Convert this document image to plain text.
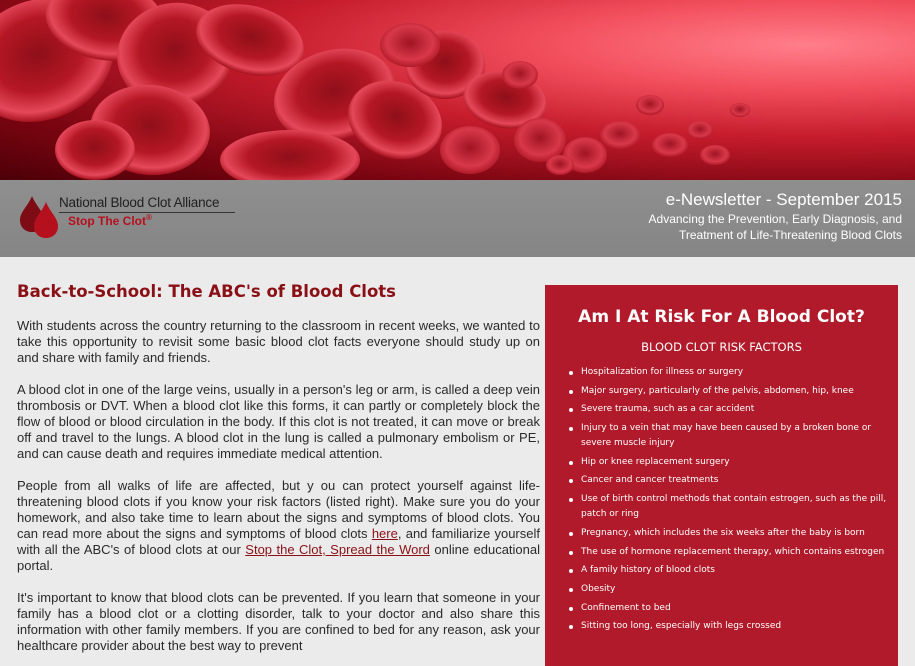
National Blood Clot Alliance
Stop The Clot®
e-Newsletter - September 2015
Advancing the Prevention, Early Diagnosis, and
Treatment of Life-Threatening Blood Clots
Back-to-School: The ABC's of Blood Clots

With students across the country returning to the classroom in recent weeks, we wanted to take this opportunity to revisit some basic blood clot facts everyone should study up on and share with family and friends.

A blood clot in one of the large veins, usually in a person's leg or arm, is called a deep vein thrombosis or DVT. When a blood clot like this forms, it can partly or completely block the flow of blood or blood circulation in the body. If this clot is not treated, it can move or break off and travel to the lungs. A blood clot in the lung is called a pulmonary embolism or PE, and can cause death and requires immediate medical attention.

People from all walks of life are affected, but y ou can protect yourself against life-threatening blood clots if you know your risk factors (listed right). Make sure you do your homework, and also take time to learn about the signs and symptoms of blood clots. You can read more about the signs and symptoms of blood clots here, and familiarize yourself with all the ABC's of blood clots at our Stop the Clot, Spread the Word online educational portal.

It's important to know that blood clots can be prevented. If you learn that someone in your family has a blood clot or a clotting disorder, talk to your doctor and also share this information with other family members. If you are confined to bed for any reason, ask your healthcare provider about the best way to prevent

Am I At Risk For A Blood Clot?
BLOOD CLOT RISK FACTORS
Hospitalization for illness or surgery
Major surgery, particularly of the pelvis, abdomen, hip, knee
Severe trauma, such as a car accident
Injury to a vein that may have been caused by a broken bone or severe muscle injury
Hip or knee replacement surgery
Cancer and cancer treatments
Use of birth control methods that contain estrogen, such as the pill, patch or ring
Pregnancy, which includes the six weeks after the baby is born
The use of hormone replacement therapy, which contains estrogen
A family history of blood clots
Obesity
Confinement to bed
Sitting too long, especially with legs crossed
